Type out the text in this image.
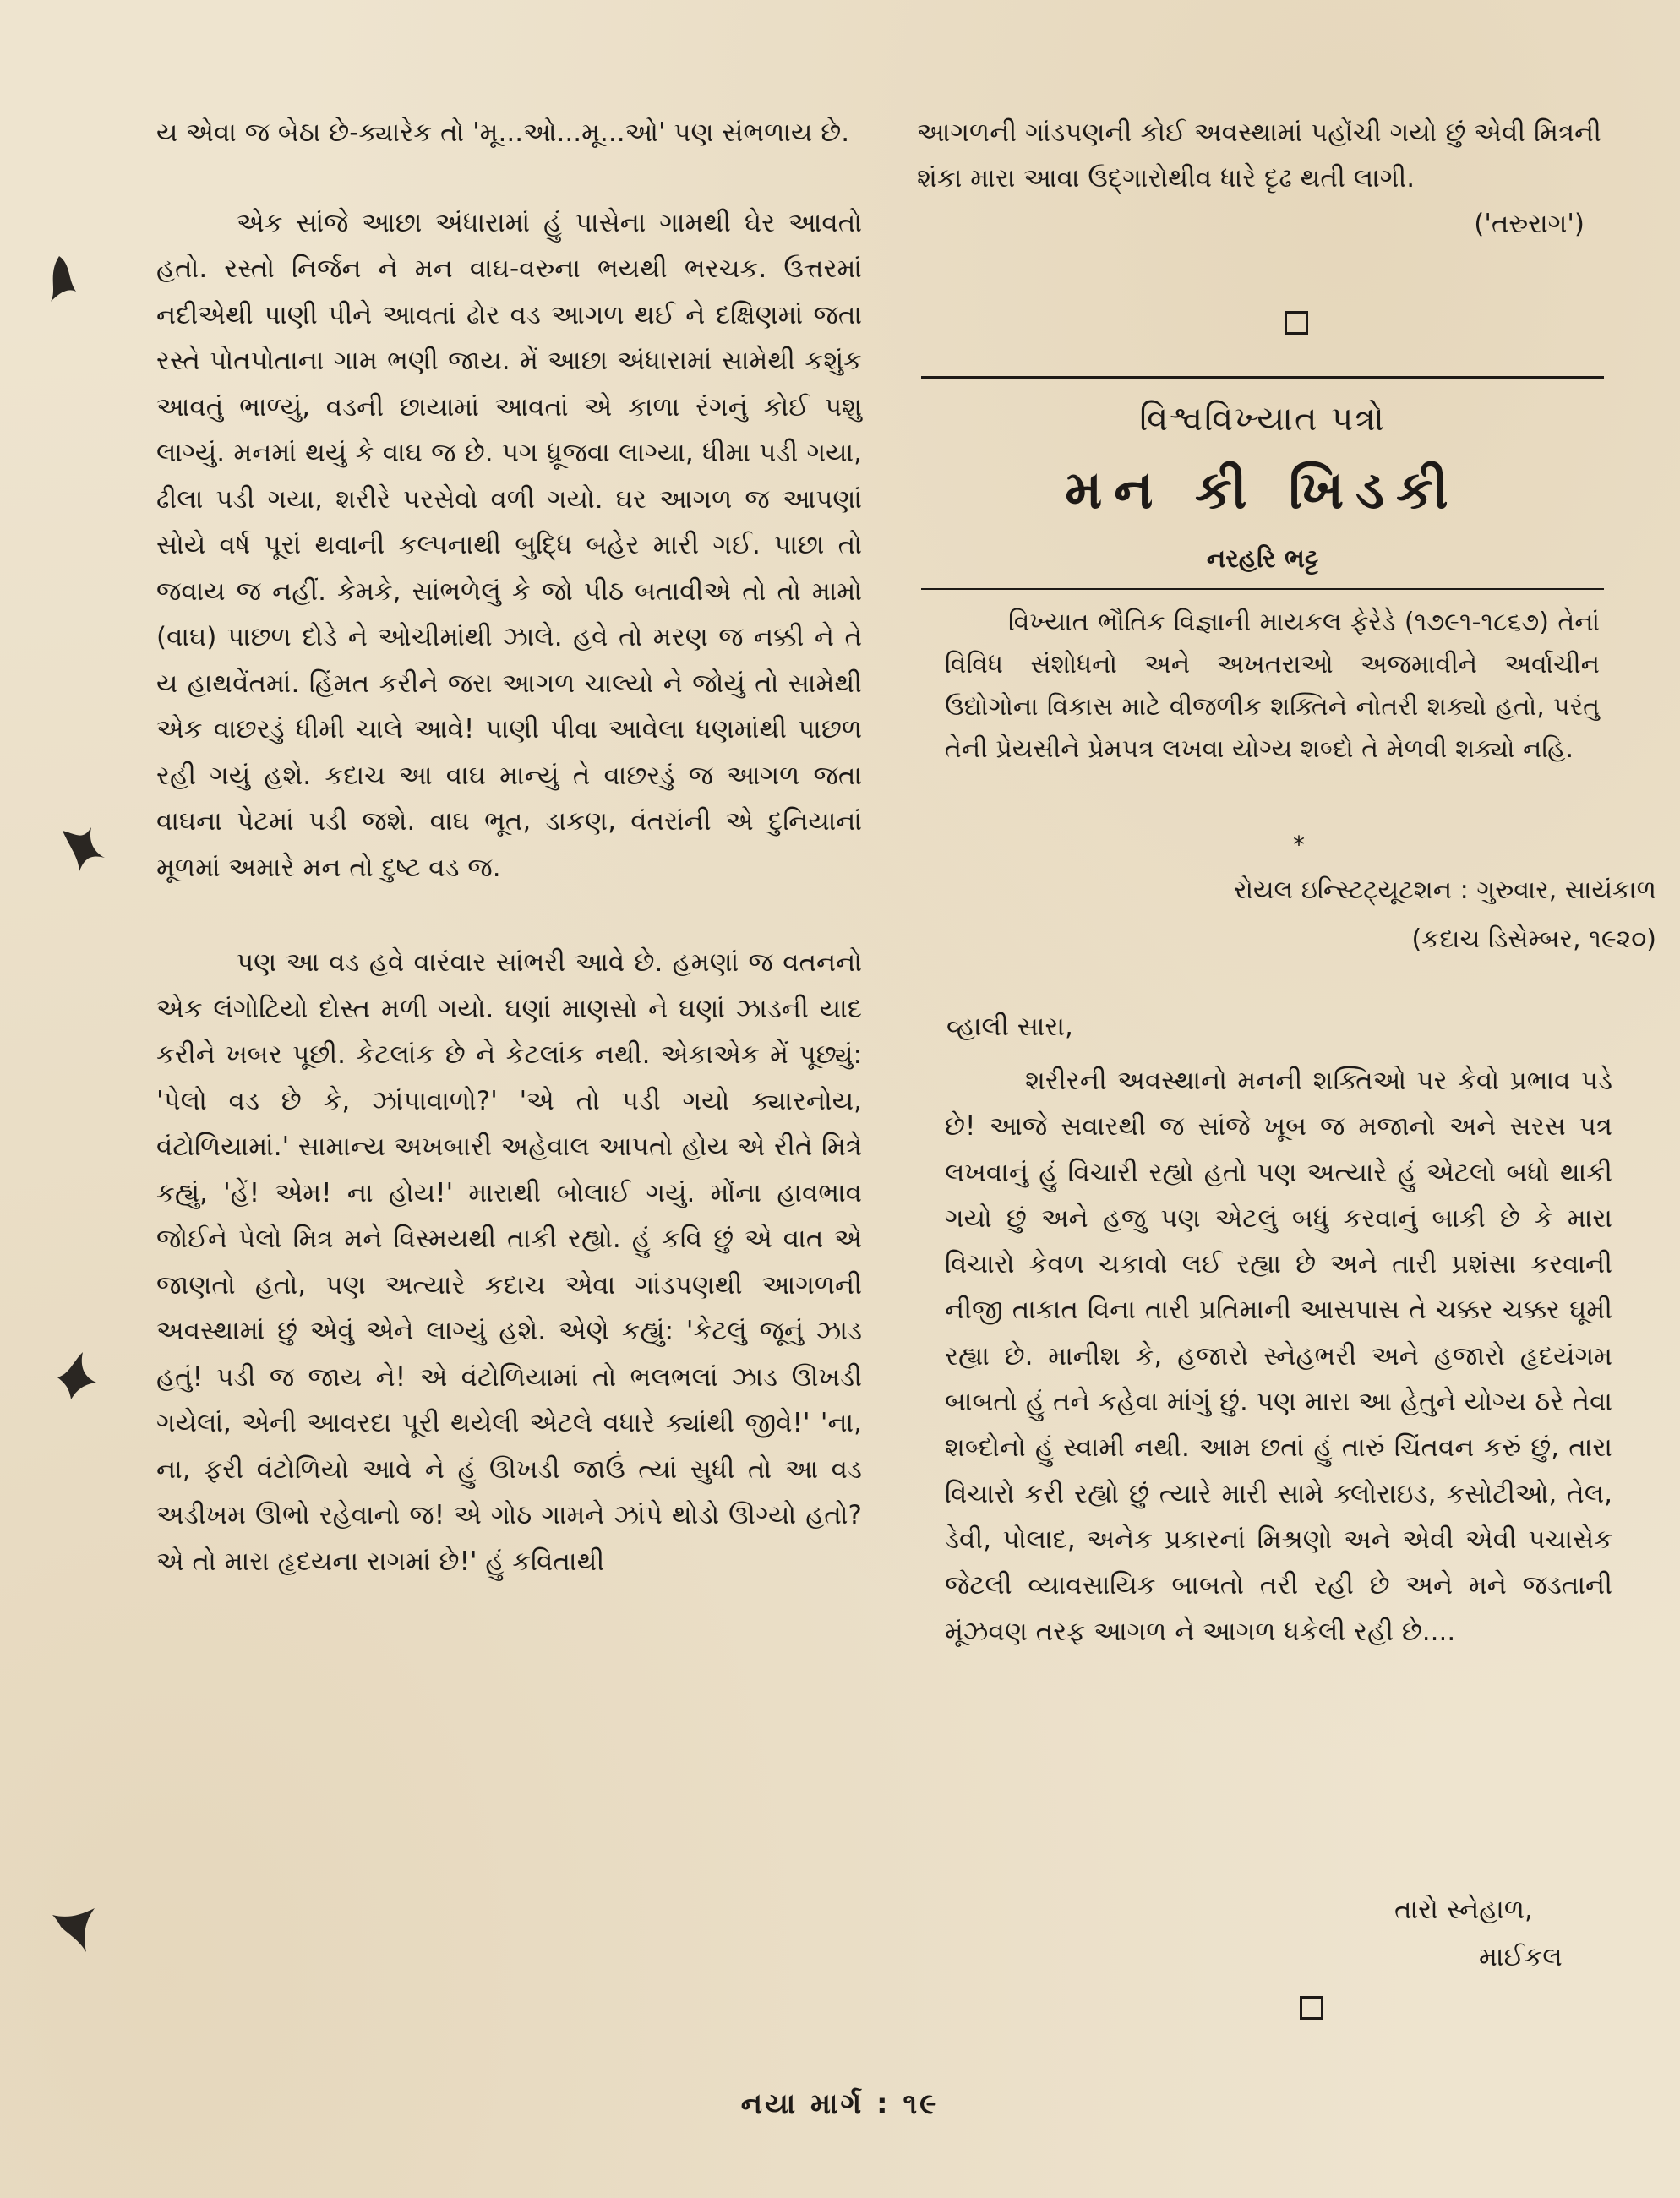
ય એવા જ બેઠા છે-ક્યારેક તો 'મૂ...ઓ...મૂ...ઓ' પણ સંભળાય છે.

એક સાંજે આછા અંધારામાં હું પાસેના ગામથી ઘેર આવતો હતો. રસ્તો નિર્જન ને મન વાઘ-વરુના ભયથી ભરચક. ઉત્તરમાં નદીએથી પાણી પીને આવતાં ઢોર વડ આગળ થઈ ને દક્ષિણમાં જતા રસ્તે પોતપોતાના ગામ ભણી જાય. મેં આછા અંધારામાં સામેથી કશુંક આવતું ભાળ્યું, વડની છાયામાં આવતાં એ કાળા રંગનું કોઈ પશુ લાગ્યું. મનમાં થયું કે વાઘ જ છે. પગ ધ્રૂજવા લાગ્યા, ધીમા પડી ગયા, ઢીલા પડી ગયા, શરીરે પરસેવો વળી ગયો. ઘર આગળ જ આપણાં સોયે વર્ષ પૂરાં થવાની કલ્પનાથી બુદ્ધિ બહેર મારી ગઈ. પાછા તો જવાય જ નહીં. કેમકે, સાંભળેલું કે જો પીઠ બતાવીએ તો તો મામો (વાઘ) પાછળ દોડે ને ઓચીમાંથી ઝાલે. હવે તો મરણ જ નક્કી ને તે ય હાથવેંતમાં. હિંમત કરીને જરા આગળ ચાલ્યો ને જોયું તો સામેથી એક વાછરડું ધીમી ચાલે આવે! પાણી પીવા આવેલા ધણમાંથી પાછળ રહી ગયું હશે. કદાચ આ વાઘ માન્યું તે વાછરડું જ આગળ જતા વાઘના પેટમાં પડી જશે. વાઘ ભૂત, ડાકણ, વંતરાંની એ દુનિયાનાં મૂળમાં અમારે મન તો દુષ્ટ વડ જ.

પણ આ વડ હવે વારંવાર સાંભરી આવે છે. હમણાં જ વતનનો એક લંગોટિયો દોસ્ત મળી ગયો. ઘણાં માણસો ને ઘણાં ઝાડની યાદ કરીને ખબર પૂછી. કેટલાંક છે ને કેટલાંક નથી. એકાએક મેં પૂછ્યું: 'પેલો વડ છે કે, ઝાંપાવાળો?' 'એ તો પડી ગયો ક્યારનોય, વંટોળિયામાં.' સામાન્ય અખબારી અહેવાલ આપતો હોય એ રીતે મિત્રે કહ્યું, 'હેં! એમ! ના હોય!' મારાથી બોલાઈ ગયું. મોંના હાવભાવ જોઈને પેલો મિત્ર મને વિસ્મયથી તાકી રહ્યો. હું કવિ છું એ વાત એ જાણતો હતો, પણ અત્યારે કદાચ એવા ગાંડપણથી આગળની અવસ્થામાં છું એવું એને લાગ્યું હશે. એણે કહ્યું: 'કેટલું જૂનું ઝાડ હતું! પડી જ જાય ને! એ વંટોળિયામાં તો ભલભલાં ઝાડ ઊખડી ગયેલાં, એની આવરદા પૂરી થયેલી એટલે વધારે ક્યાંથી જીવે!' 'ના, ના, ફરી વંટોળિયો આવે ને હું ઊખડી જાઉં ત્યાં સુધી તો આ વડ અડીખમ ઊભો રહેવાનો જ! એ ગોઠ ગામને ઝાંપે થોડો ઊગ્યો હતો? એ તો મારા હૃદયના રાગમાં છે!' હું કવિતાથી

આગળની ગાંડપણની કોઈ અવસ્થામાં પહોંચી ગયો છું એવી મિત્રની શંકા મારા આવા ઉદ્ગારોથીવ ધારે દૃઢ થતી લાગી.
('તરુરાગ')
વિશ્વવિખ્યાત પત્રો
મન કી ખિડકી
નરહરિ ભટ્ટ
વિખ્યાત ભૌતિક વિજ્ઞાની માયકલ ફેરેડે (૧૭૯૧-૧૮૬૭) તેનાં વિવિધ સંશોધનો અને અખતરાઓ અજમાવીને અર્વાચીન ઉદ્યોગોના વિકાસ માટે વીજળીક શક્તિને નોતરી શક્યો હતો, પરંતુ તેની પ્રેયસીને પ્રેમપત્ર લખવા યોગ્ય શબ્દો તે મેળવી શક્યો નહિ.
*
રોયલ ઇન્સ્ટિટ્યૂટશન : ગુરુવાર, સાયંકાળ
(કદાચ ડિસેમ્બર, ૧૯૨૦)
વ્હાલી સારા,
શરીરની અવસ્થાનો મનની શક્તિઓ પર કેવો પ્રભાવ પડે છે! આજે સવારથી જ સાંજે ખૂબ જ મજાનો અને સરસ પત્ર લખવાનું હું વિચારી રહ્યો હતો પણ અત્યારે હું એટલો બધો થાકી ગયો છું અને હજુ પણ એટલું બધું કરવાનું બાકી છે કે મારા વિચારો કેવળ ચકાવો લઈ રહ્યા છે અને તારી પ્રશંસા કરવાની નીજી તાકાત વિના તારી પ્રતિમાની આસપાસ તે ચક્કર ચક્કર ઘૂમી રહ્યા છે. માનીશ કે, હજારો સ્નેહભરી અને હજારો હૃદયંગમ બાબતો હું તને કહેવા માંગું છું. પણ મારા આ હેતુને યોગ્ય ઠરે તેવા શબ્દોનો હું સ્વામી નથી. આમ છતાં હું તારું ચિંતવન કરું છું, તારા વિચારો કરી રહ્યો છું ત્યારે મારી સામે ક્લોરાઇડ, કસોટીઓ, તેલ, ડેવી, પોલાદ, અનેક પ્રકારનાં મિશ્રણો અને એવી એવી પચાસેક જેટલી વ્યાવસાયિક બાબતો તરી રહી છે અને મને જડતાની મૂંઝવણ તરફ આગળ ને આગળ ધકેલી રહી છે....
તારો સ્નેહાળ,
માઈકલ
નયા માર્ગ : ૧૯
